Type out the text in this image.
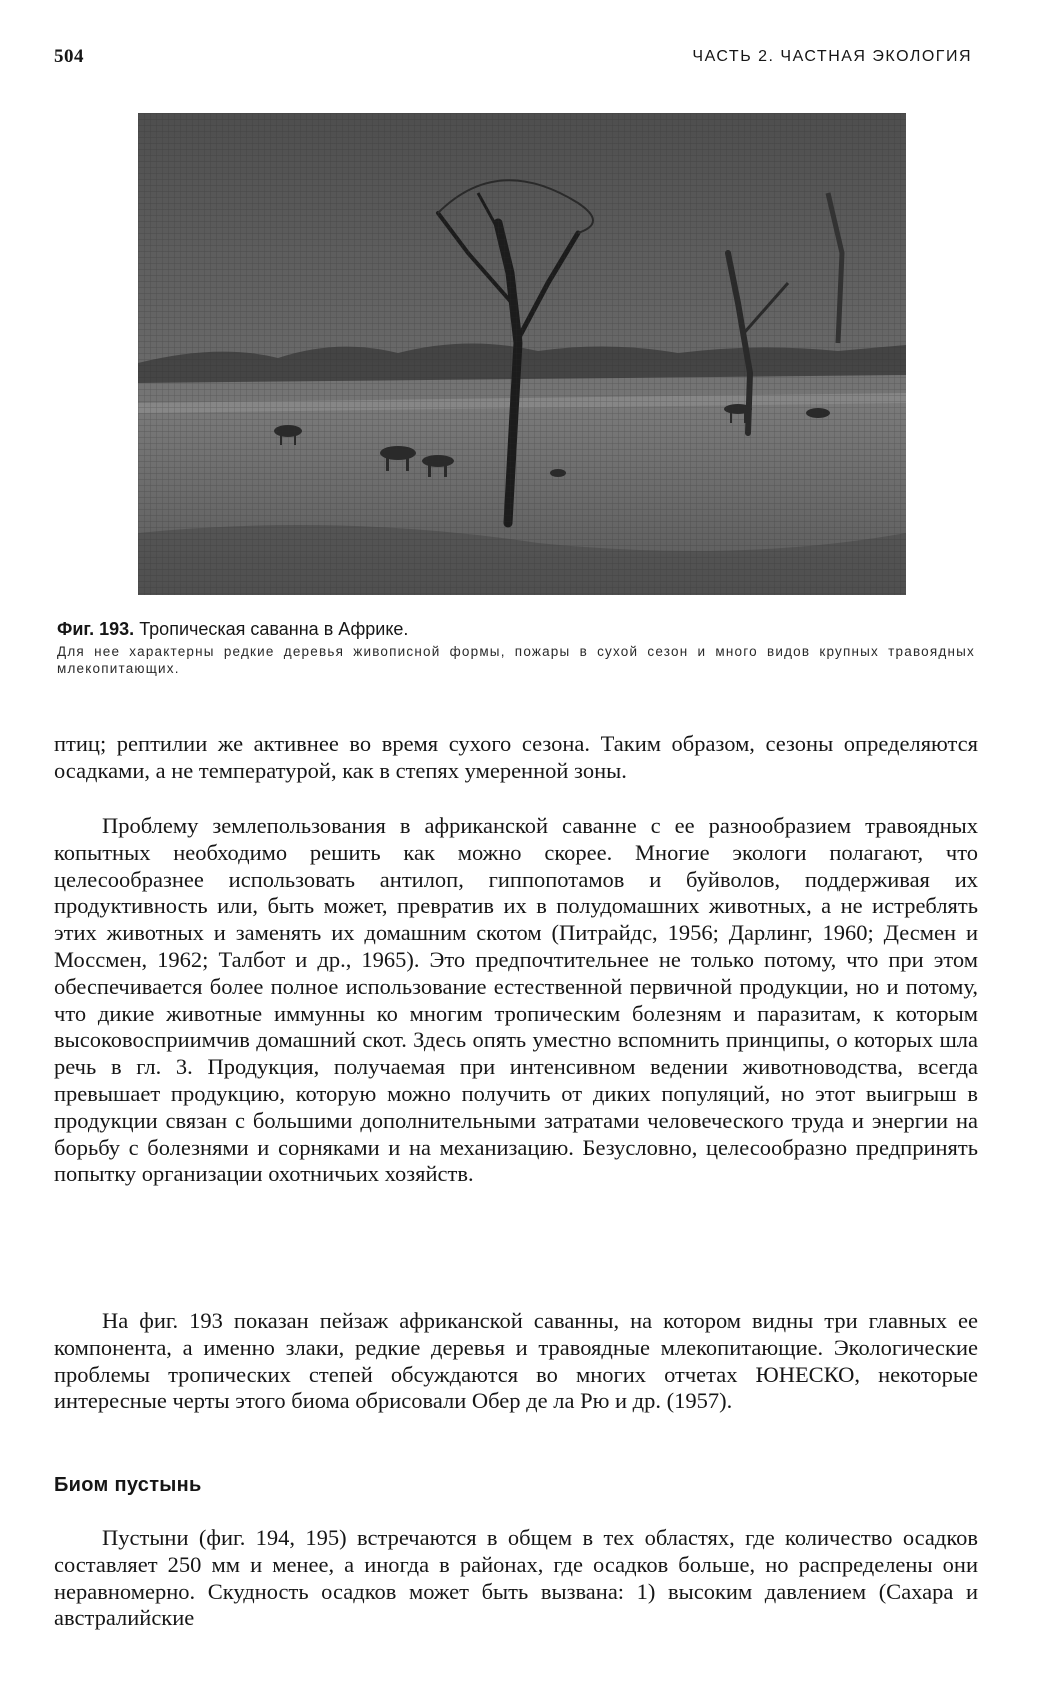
504	ЧАСТЬ 2. ЧАСТНАЯ ЭКОЛОГИЯ

Фиг. 193. Тропическая саванна в Африке.

Для нее характерны редкие деревья живописной формы, пожары в сухой сезон и много видов крупных травоядных млекопитающих.

птиц; рептилии же активнее во время сухого сезона. Таким образом, сезоны определяются осадками, а не температурой, как в степях умеренной зоны.

Проблему землепользования в африканской саванне с ее разнообразием травоядных копытных необходимо решить как можно скорее. Многие экологи полагают, что целесообразнее использовать антилоп, гиппопотамов и буйволов, поддерживая их продуктивность или, быть может, превратив их в полудомашних животных, а не истреблять этих животных и заменять их домашним скотом (Питрайдс, 1956; Дарлинг, 1960; Десмен и Моссмен, 1962; Талбот и др., 1965). Это предпочтительнее не только потому, что при этом обеспечивается более полное использование естественной первичной продукции, но и потому, что дикие животные иммунны ко многим тропическим болезням и паразитам, к которым высоковосприимчив домашний скот. Здесь опять уместно вспомнить принципы, о которых шла речь в гл. 3. Продукция, получаемая при интенсивном ведении животноводства, всегда превышает продукцию, которую можно получить от диких популяций, но этот выигрыш в продукции связан с большими дополнительными затратами человеческого труда и энергии на борьбу с болезнями и сорняками и на механизацию. Безусловно, целесообразно предпринять попытку организации охотничьих хозяйств.

На фиг. 193 показан пейзаж африканской саванны, на котором видны три главных ее компонента, а именно злаки, редкие деревья и травоядные млекопитающие. Экологические проблемы тропических степей обсуждаются во многих отчетах ЮНЕСКО, некоторые интересные черты этого биома обрисовали Обер де ла Рю и др. (1957).

Биом пустынь

Пустыни (фиг. 194, 195) встречаются в общем в тех областях, где количество осадков составляет 250 мм и менее, а иногда в районах, где осадков больше, но распределены они неравномерно. Скудность осадков может быть вызвана: 1) высоким давлением (Сахара и австралийские
